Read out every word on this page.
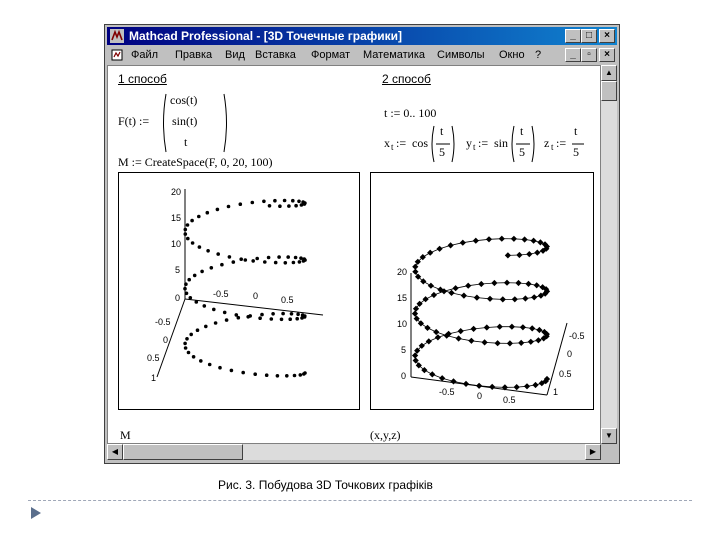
Mathcad Professional - [3D Точечные графики]	_	□	×
Файл Правка Вид Вставка Формат Математика Символы Окно ?	_	▫	×
1 способ	2 способ
F(t) :=
cos(t)
sin(t)
t
M := CreateSpace(F, 0, 20, 100)
t := 0.. 100
x t := cos
t
5
y t := sin
t
5
z t :=
t
5
20
15
10
5
0	-0.5	0	0.5
-0.5
0
0.5
1
M
20
15
10
5
0
-0.5 0 0.5
-0.5
0
0.5
1
(x,y,z)
▲
▼
◀	▶
Рис. 3. Побудова 3D Точкових графіків
